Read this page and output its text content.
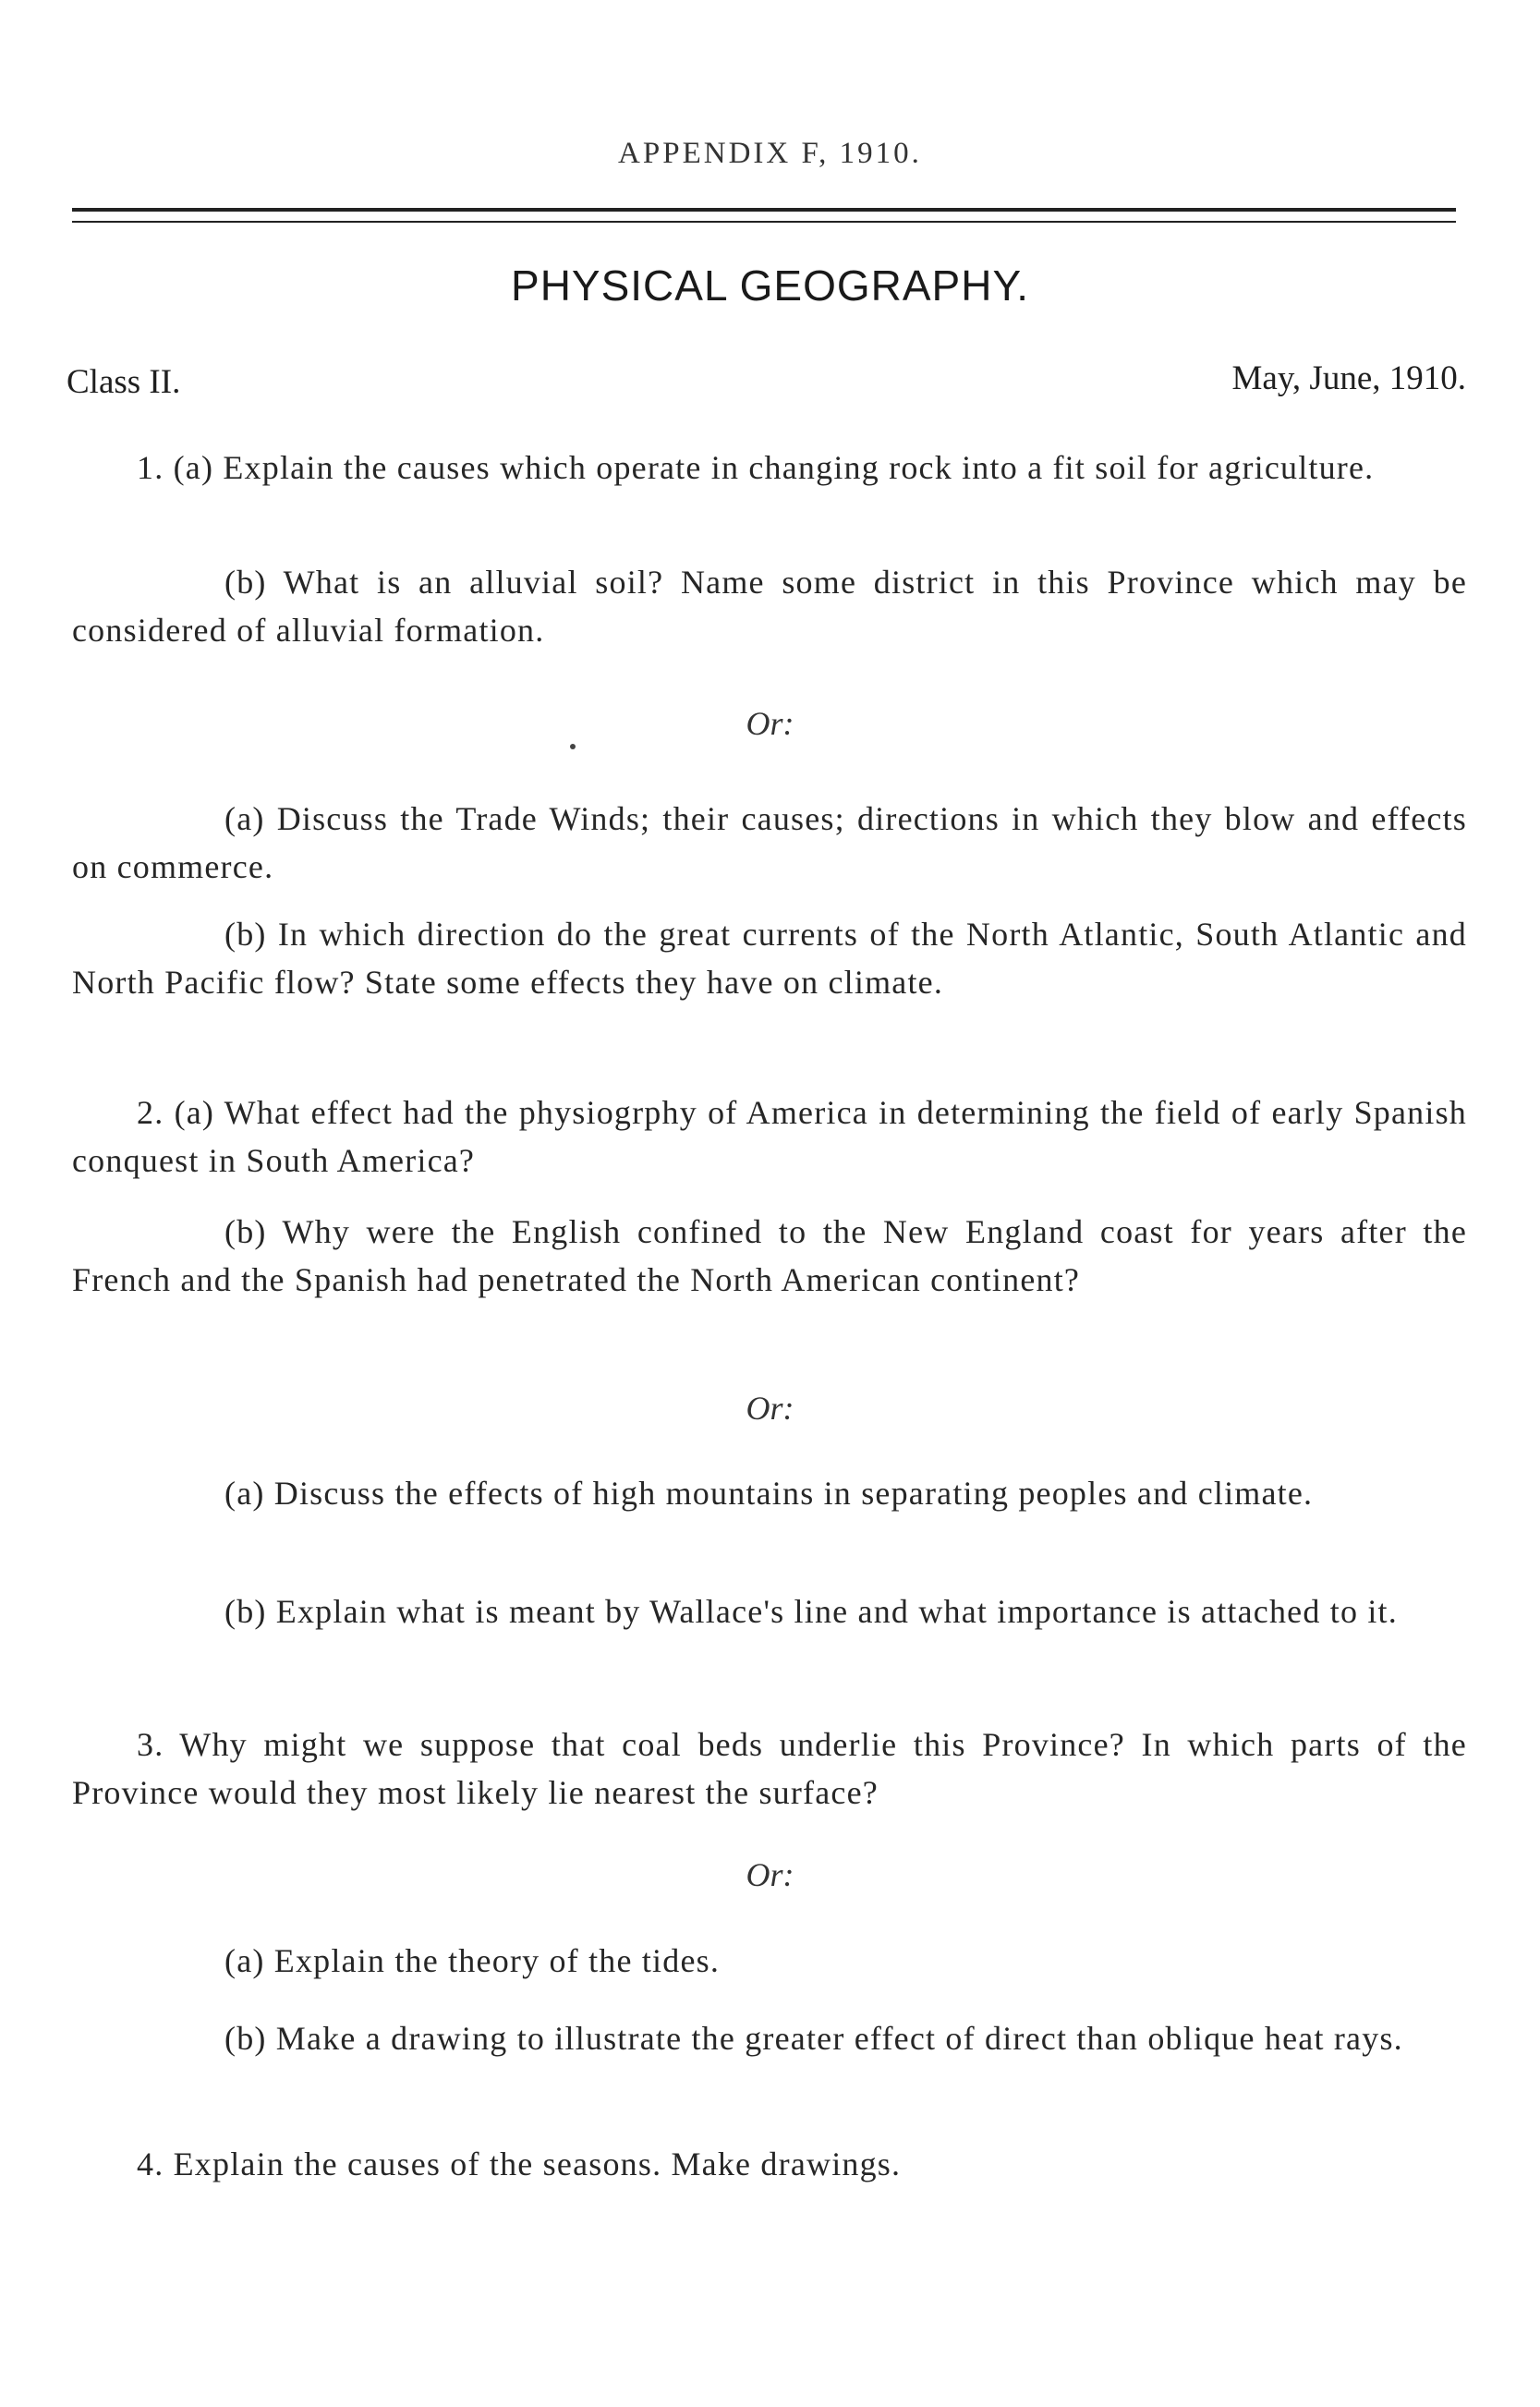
APPENDIX F, 1910.
PHYSICAL GEOGRAPHY.
Class II.	May, June, 1910.
1. (a) Explain the causes which operate in changing rock into a fit soil for agriculture.
(b) What is an alluvial soil? Name some district in this Province which may be considered of alluvial formation.
Or:
(a) Discuss the Trade Winds; their causes; directions in which they blow and effects on commerce.
(b) In which direction do the great currents of the North Atlantic, South Atlantic and North Pacific flow? State some effects they have on climate.
2. (a) What effect had the physiogrphy of America in determining the field of early Spanish conquest in South America?
(b) Why were the English confined to the New England coast for years after the French and the Spanish had penetrated the North American continent?
Or:
(a) Discuss the effects of high mountains in separating peoples and climate.
(b) Explain what is meant by Wallace's line and what importance is attached to it.
3. Why might we suppose that coal beds underlie this Province? In which parts of the Province would they most likely lie nearest the surface?
Or:
(a) Explain the theory of the tides.
(b) Make a drawing to illustrate the greater effect of direct than oblique heat rays.
4. Explain the causes of the seasons. Make drawings.
